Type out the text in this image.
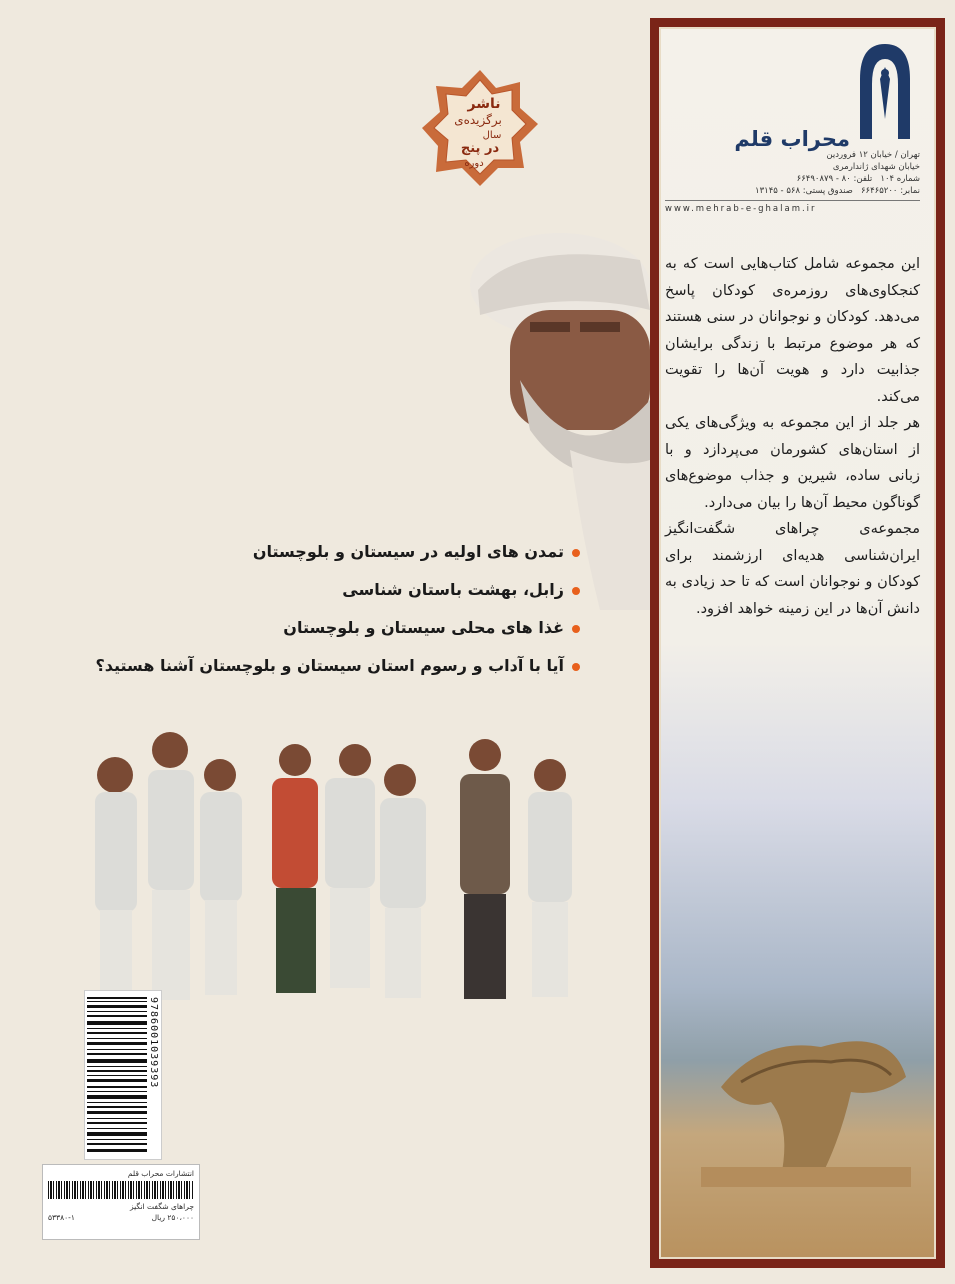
ناشر
برگزیده‌ی
سال
در پنج
دوره
تمدن های اولیه در سیستان و بلوچستان
زابل، بهشت باستان شناسی
غذا های محلی سیستان و بلوچستان
آیا با آداب و رسوم استان سیستان و بلوچستان آشنا هستید؟
9786001039393
انتشارات محراب قلم
چراهای شگفت انگیز
۲۵۰،۰۰۰ ریال
۵۳۳۸۰-۱
محراب قلم
تهران / خیابان ۱۲ فروردین
خیابان شهدای ژاندارمری
شماره ۱۰۴   تلفن: ۸۰ - ۶۶۴۹۰۸۷۹
نمابر: ۶۶۴۶۵۲۰۰   صندوق پستی: ۵۶۸ - ۱۳۱۴۵
www.mehrab-e-ghalam.ir

این مجموعه شامل کتاب‌هایی است که به کنجکاوی‌های روزمره‌ی کودکان پاسخ می‌دهد. کودکان و نوجوانان در سنی هستند که هر موضوع مرتبط با زندگی برایشان جذابیت دارد و هویت آن‌ها را تقویت می‌کند.

هر جلد از این مجموعه به ویژگی‌های یکی از استان‌های کشورمان می‌پردازد و با زبانی ساده، شیرین و جذاب موضوع‌های گوناگون محیط آن‌ها را بیان می‌دارد.

مجموعه‌ی چراهای شگفت‌انگیز ایران‌شناسی هدیه‌ای ارزشمند برای کودکان و نوجوانان است که تا حد زیادی به دانش آن‌ها در این زمینه خواهد افزود.
